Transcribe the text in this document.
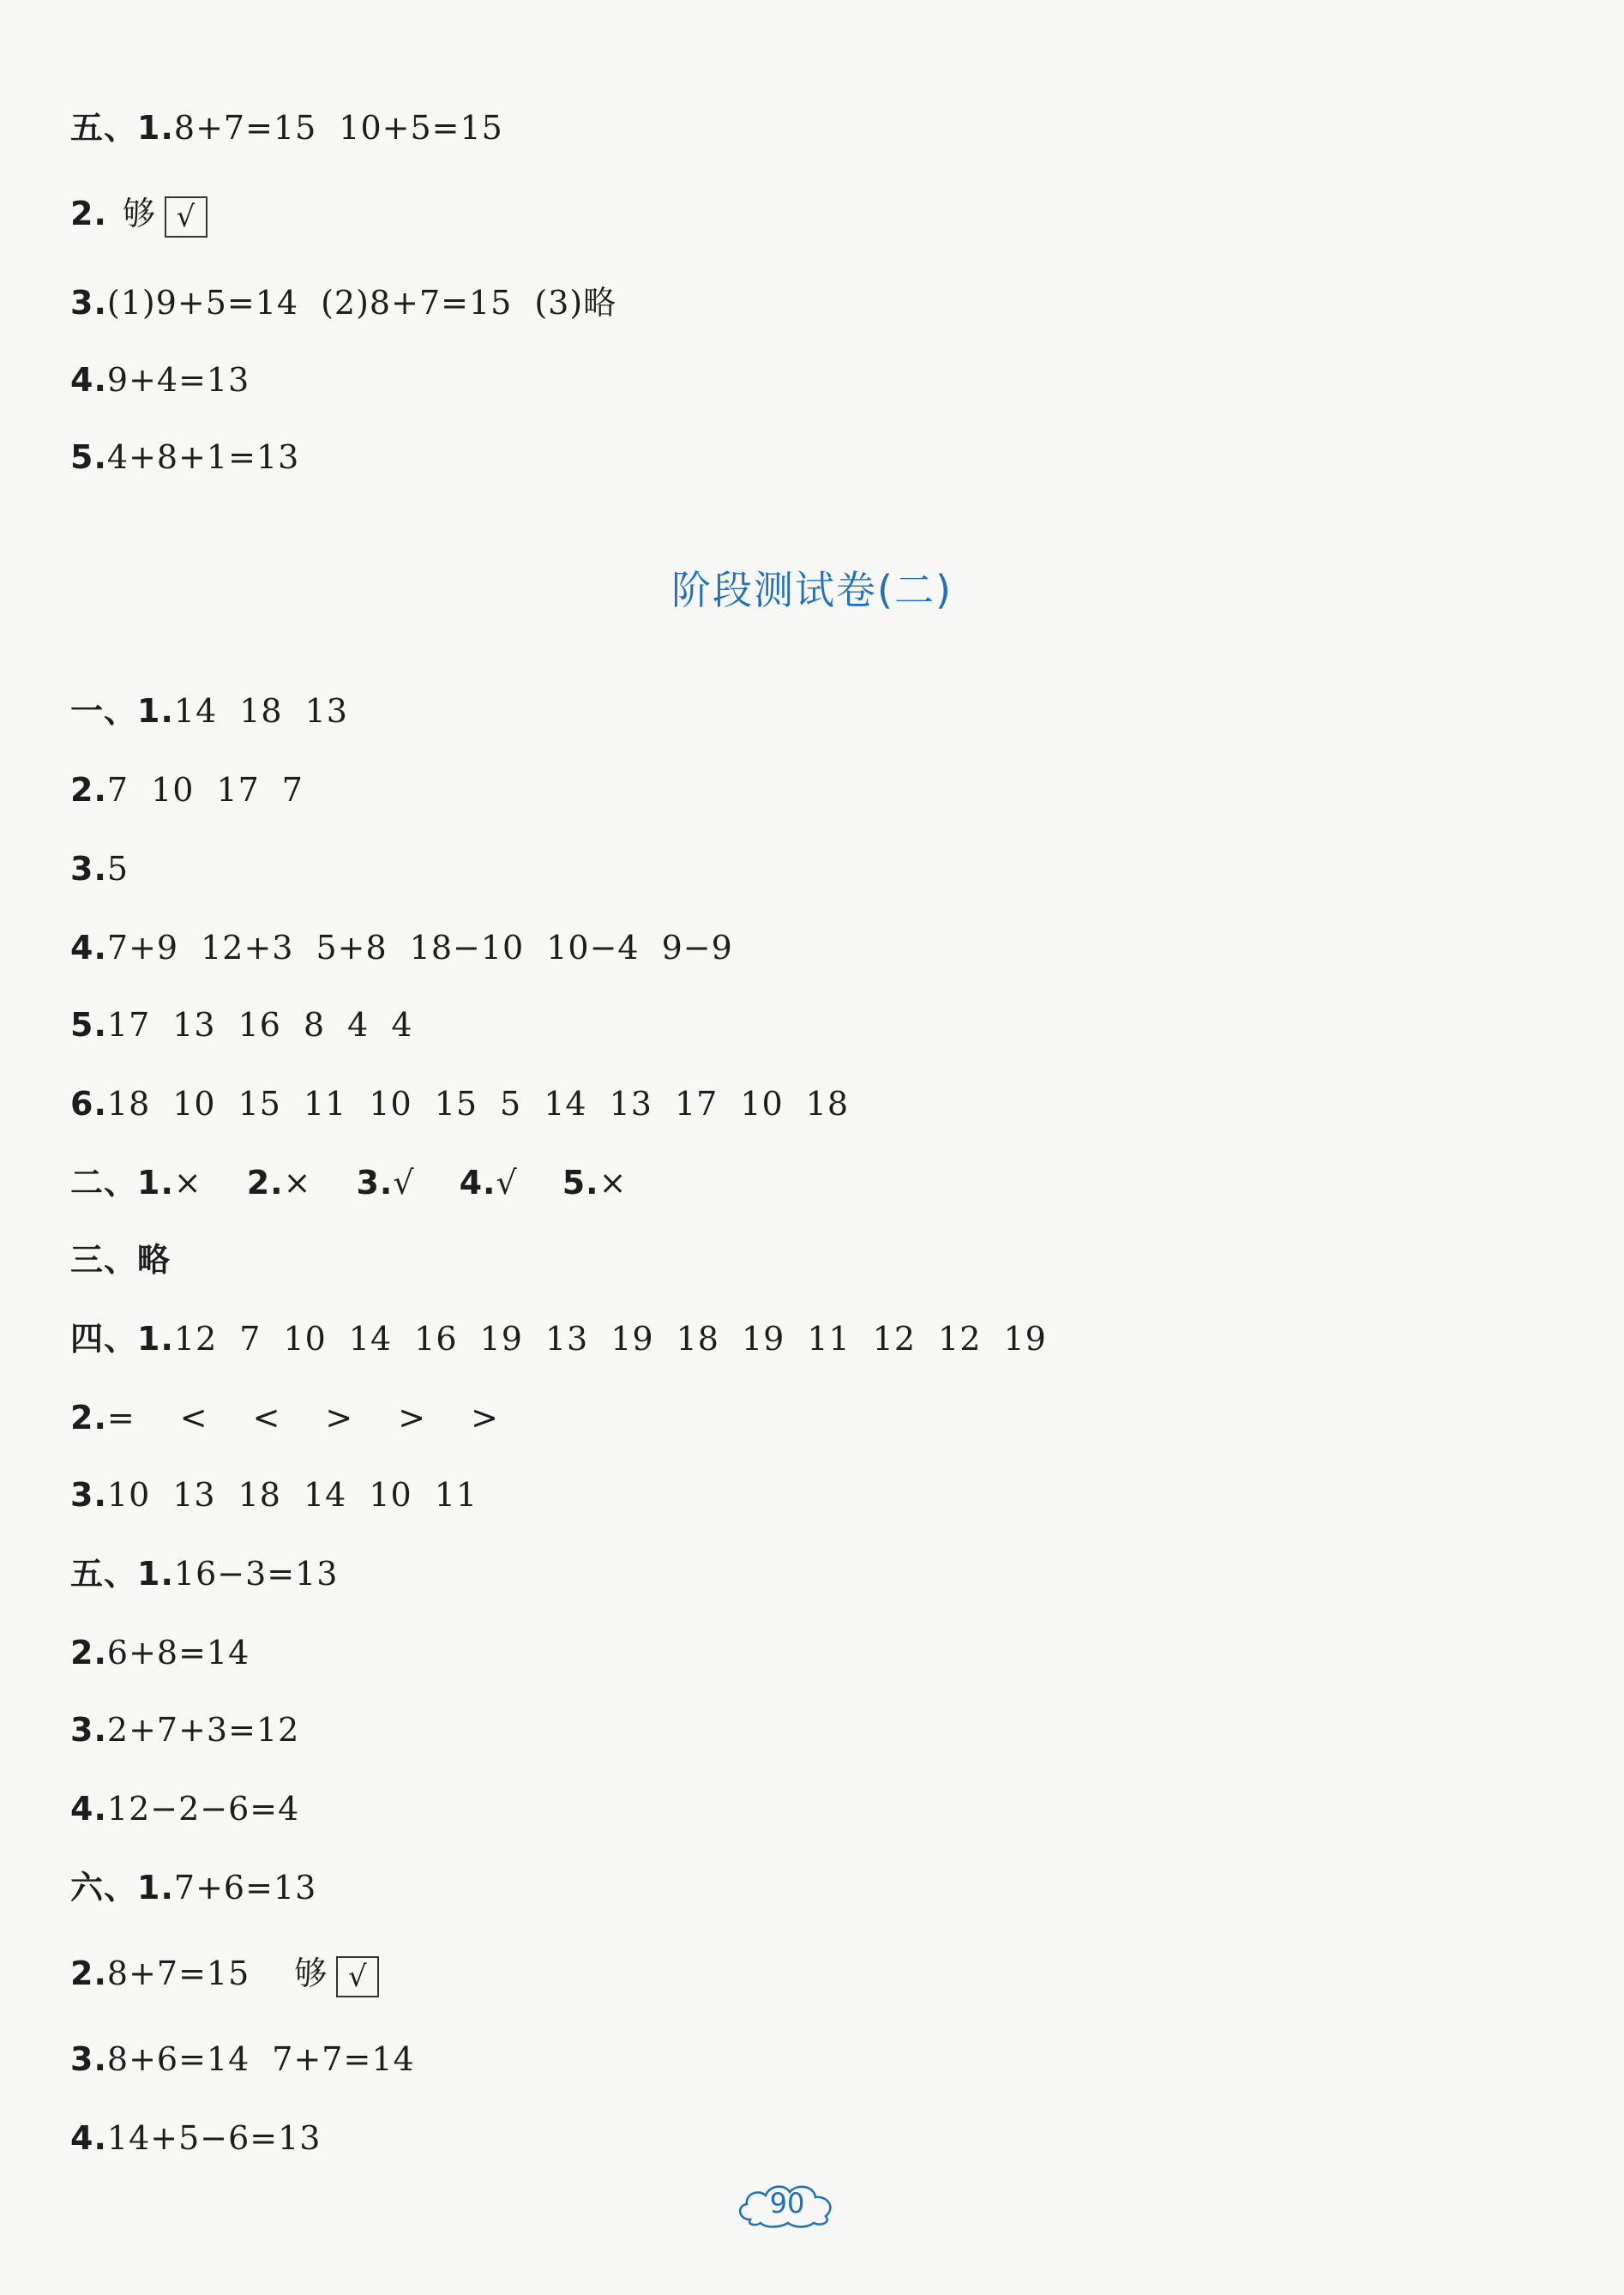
五、1.8+7=15 10+5=15
2. 够 √
3.(1)9+5=14 (2)8+7=15 (3)略
4.9+4=13
5.4+8+1=13
阶段测试卷(二)
一、1.14 18 13
2.7 10 17 7
3.5
4.7+9 12+3 5+8 18−10 10−4 9−9
5.17 13 16 8 4 4
6.18 10 15 11 10 15 5 14 13 17 10 18
二、1.× 2.× 3.√ 4.√ 5.×
三、略
四、1.12 7 10 14 16 19 13 19 18 19 11 12 12 19
2.= < < > > >
3.10 13 18 14 10 11
五、1.16−3=13
2.6+8=14
3.2+7+3=12
4.12−2−6=4
六、1.7+6=13
2.8+7=15 够 √
3.8+6=14 7+7=14
4.14+5−6=13
90
